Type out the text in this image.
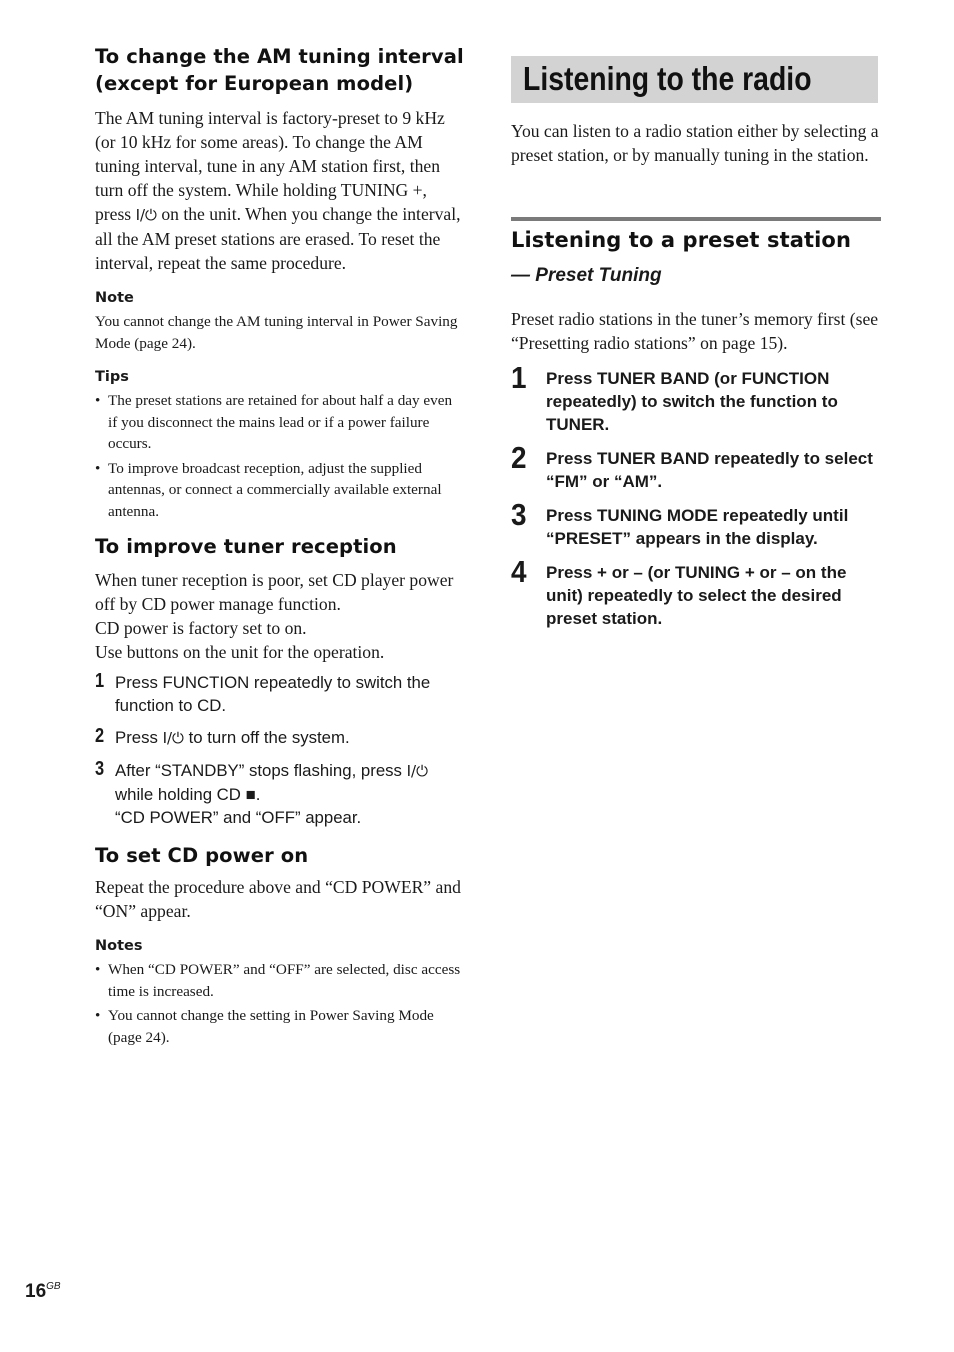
To change the AM tuning interval (except for European model)
The AM tuning interval is factory-preset to 9 kHz (or 10 kHz for some areas). To change the AM tuning interval, tune in any AM station first, then turn off the system. While holding TUNING +, press I/⏻ on the unit. When you change the interval, all the AM preset stations are erased. To reset the interval, repeat the same procedure.
Note
You cannot change the AM tuning interval in Power Saving Mode (page 24).
Tips
• The preset stations are retained for about half a day even if you disconnect the mains lead or if a power failure occurs.
• To improve broadcast reception, adjust the supplied antennas, or connect a commercially available external antenna.
To improve tuner reception
When tuner reception is poor, set CD player power off by CD power manage function.
CD power is factory set to on.
Use buttons on the unit for the operation.
1 Press FUNCTION repeatedly to switch the function to CD.
2 Press I/⏻ to turn off the system.
3 After “STANDBY” stops flashing, press I/⏻ while holding CD ■.
“CD POWER” and “OFF” appear.
To set CD power on
Repeat the procedure above and “CD POWER” and “ON” appear.
Notes
• When “CD POWER” and “OFF” are selected, disc access time is increased.
• You cannot change the setting in Power Saving Mode (page 24).
Listening to the radio
You can listen to a radio station either by selecting a preset station, or by manually tuning in the station.
Listening to a preset station
— Preset Tuning
Preset radio stations in the tuner’s memory first (see “Presetting radio stations” on page 15).
1 Press TUNER BAND (or FUNCTION repeatedly) to switch the function to TUNER.
2 Press TUNER BAND repeatedly to select “FM” or “AM”.
3 Press TUNING MODE repeatedly until “PRESET” appears in the display.
4 Press + or – (or TUNING + or – on the unit) repeatedly to select the desired preset station.
$16^{GB}$
